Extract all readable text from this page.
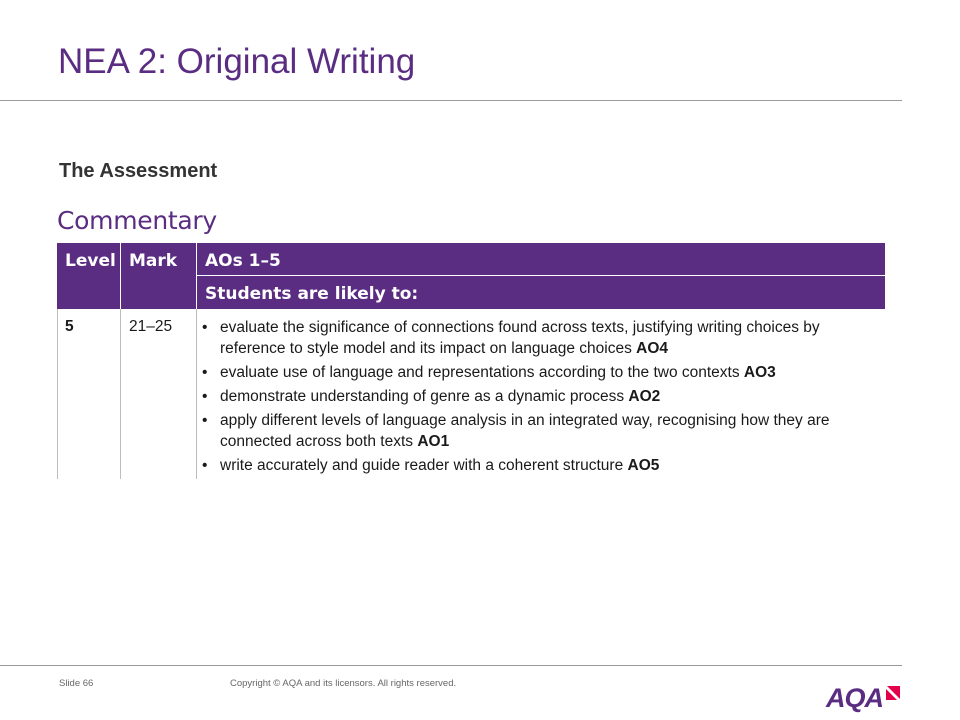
NEA 2: Original Writing
The Assessment
Commentary
Level Mark AOs 1–5
Students are likely to:
5	21–25
•	evaluate the significance of connections found across texts, justifying writing choices by reference to style model and its impact on language choices AO4
• evaluate use of language and representations according to the two contexts AO3
• demonstrate understanding of genre as a dynamic process AO2
• apply different levels of language analysis in an integrated way, recognising how they are connected across both texts AO1
• write accurately and guide reader with a coherent structure AO5
Slide 66	Copyright © AQA and its licensors. All rights reserved.	AQA
